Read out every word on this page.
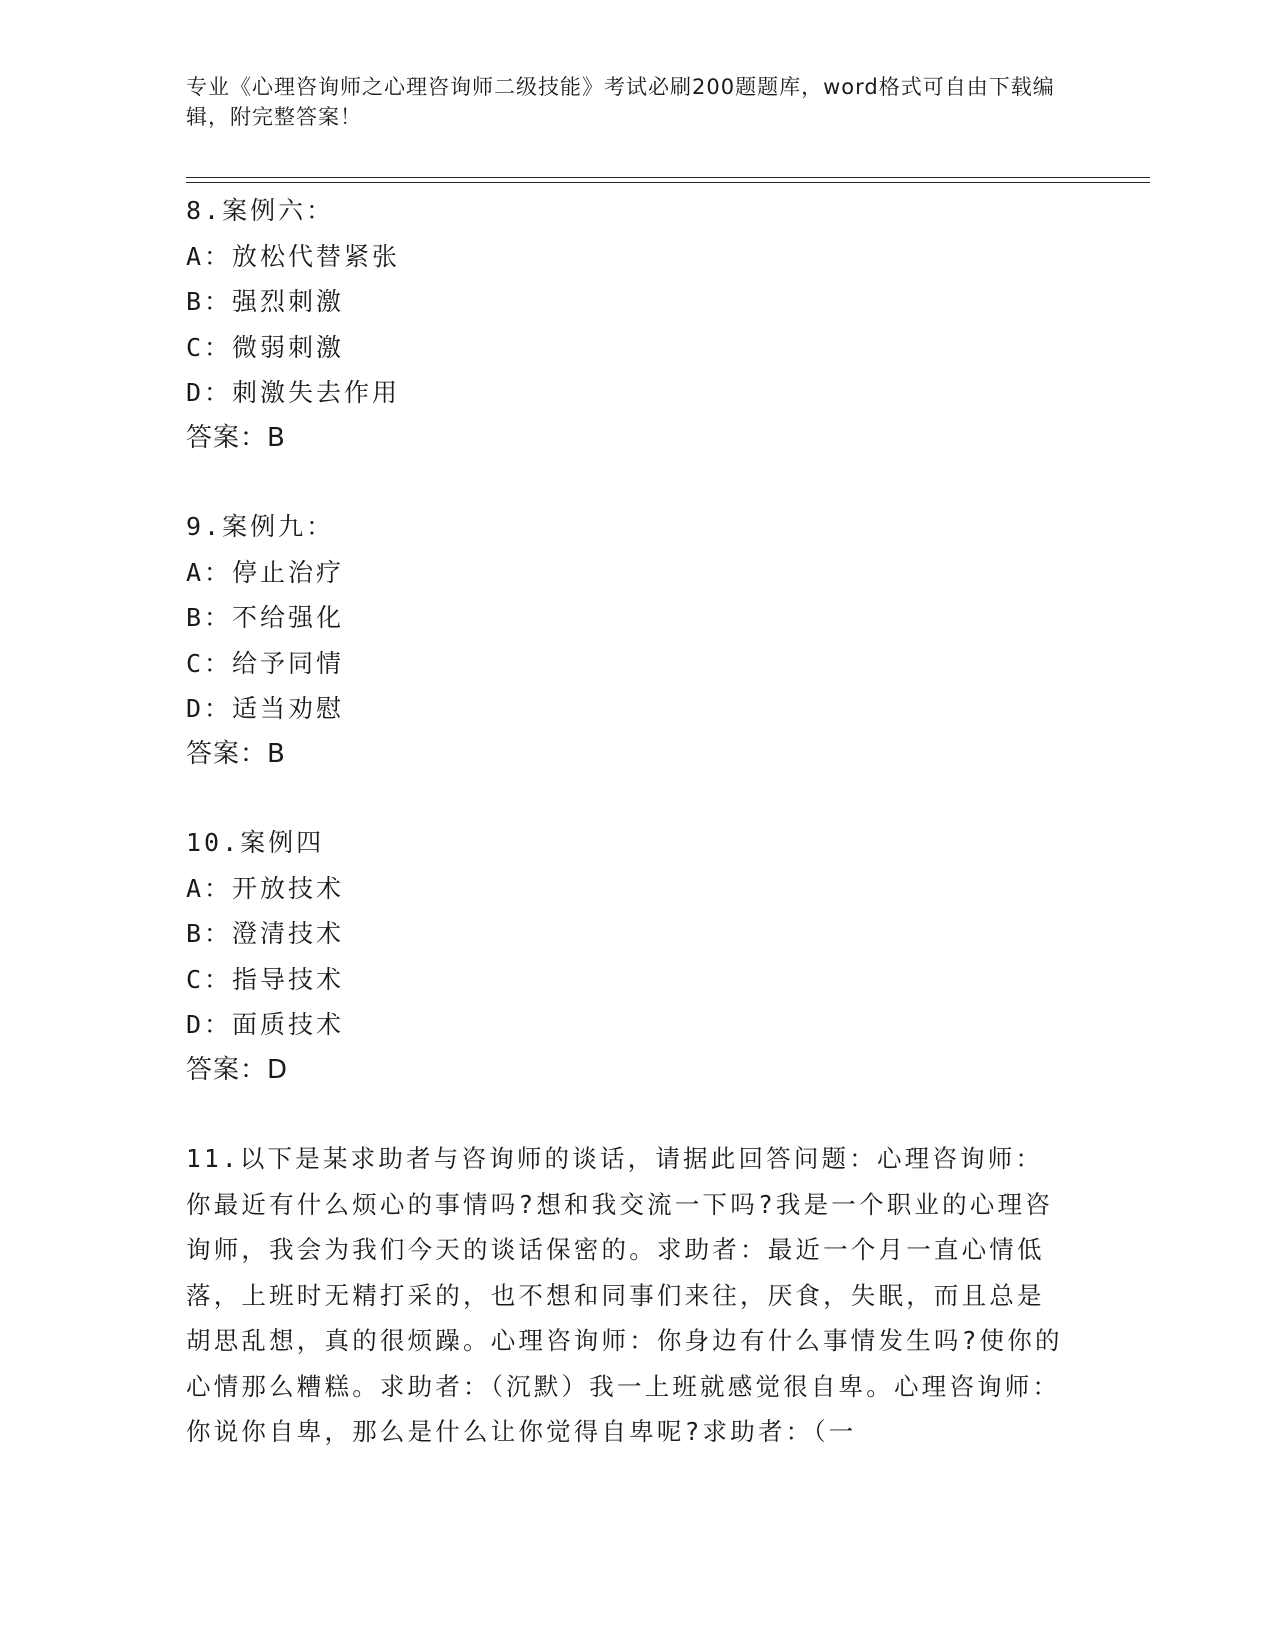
专业《心理咨询师之心理咨询师二级技能》考试必刷200题题库，word格式可自由下载编辑，附完整答案！
8.案例六：
A：放松代替紧张
B：强烈刺激
C：微弱刺激
D：刺激失去作用
答案：B
9.案例九：
A：停止治疗
B：不给强化
C：给予同情
D：适当劝慰
答案：B
10.案例四
A：开放技术
B：澄清技术
C：指导技术
D：面质技术
答案：D
11.以下是某求助者与咨询师的谈话，请据此回答问题：心理咨询师：你最近有什么烦心的事情吗?想和我交流一下吗?我是一个职业的心理咨询师，我会为我们今天的谈话保密的。求助者：最近一个月一直心情低落，上班时无精打采的，也不想和同事们来往，厌食，失眠，而且总是胡思乱想，真的很烦躁。心理咨询师：你身边有什么事情发生吗?使你的心情那么糟糕。求助者：（沉默）我一上班就感觉很自卑。心理咨询师：你说你自卑，那么是什么让你觉得自卑呢?求助者：（一
